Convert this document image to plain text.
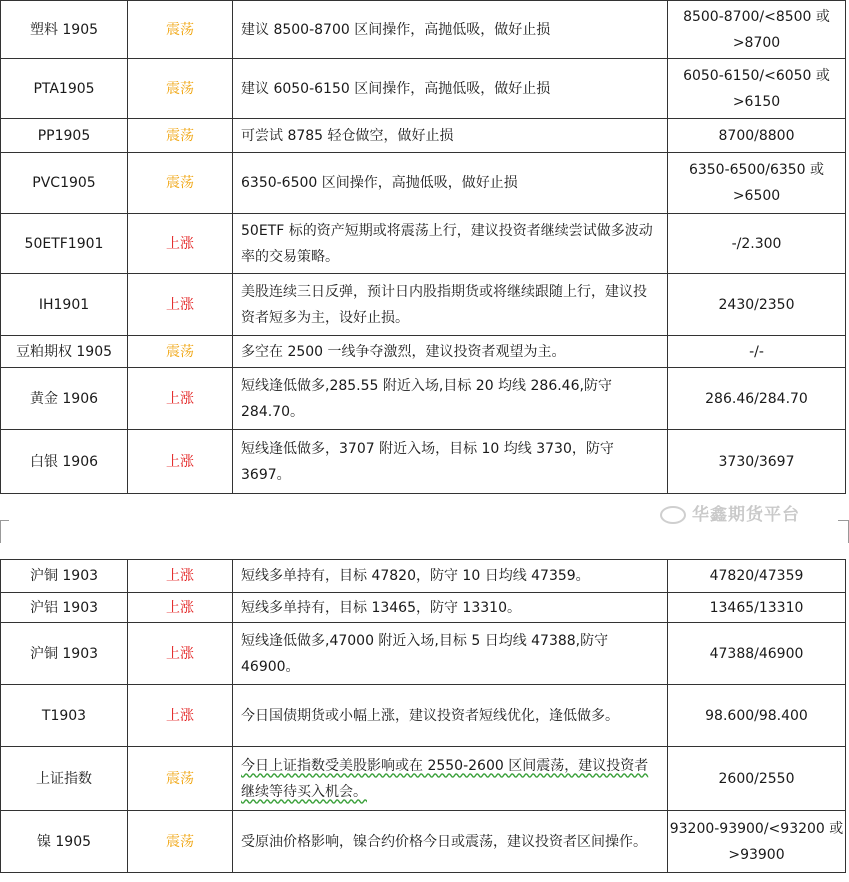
塑料 1905	震荡	建议 8500-8700 区间操作，高抛低吸，做好止损	8500-8700/<8500 或>8700
PTA1905	震荡	建议 6050-6150 区间操作，高抛低吸，做好止损	6050-6150/<6050 或>6150
PP1905	震荡	可尝试 8785 轻仓做空，做好止损	8700/8800
PVC1905	震荡	6350-6500 区间操作，高抛低吸，做好止损	6350-6500/6350 或>6500
50ETF1901	上涨	50ETF 标的资产短期或将震荡上行，建议投资者继续尝试做多波动率的交易策略。	-/2.300
IH1901	上涨	美股连续三日反弹，预计日内股指期货或将继续跟随上行，建议投资者短多为主，设好止损。	2430/2350
豆粕期权 1905	震荡	多空在 2500 一线争夺激烈，建议投资者观望为主。	-/-
黄金 1906	上涨	短线逢低做多,285.55 附近入场,目标 20 均线 286.46,防守 284.70。	286.46/284.70
白银 1906	上涨	短线逢低做多，3707 附近入场，目标 10 均线 3730，防守 3697。	3730/3697
华鑫期货平台
沪铜 1903	上涨	短线多单持有，目标 47820，防守 10 日均线 47359。	47820/47359
沪铝 1903	上涨	短线多单持有，目标 13465，防守 13310。	13465/13310
沪铜 1903	上涨	短线逢低做多,47000 附近入场,目标 5 日均线 47388,防守 46900。	47388/46900
T1903	上涨	今日国债期货或小幅上涨，建议投资者短线优化，逢低做多。	98.600/98.400
上证指数	震荡	今日上证指数受美股影响或在 2550-2600 区间震荡，建议投资者继续等待买入机会。	2600/2550
镍 1905	震荡	受原油价格影响，镍合约价格今日或震荡，建议投资者区间操作。	93200-93900/<93200 或>93900
